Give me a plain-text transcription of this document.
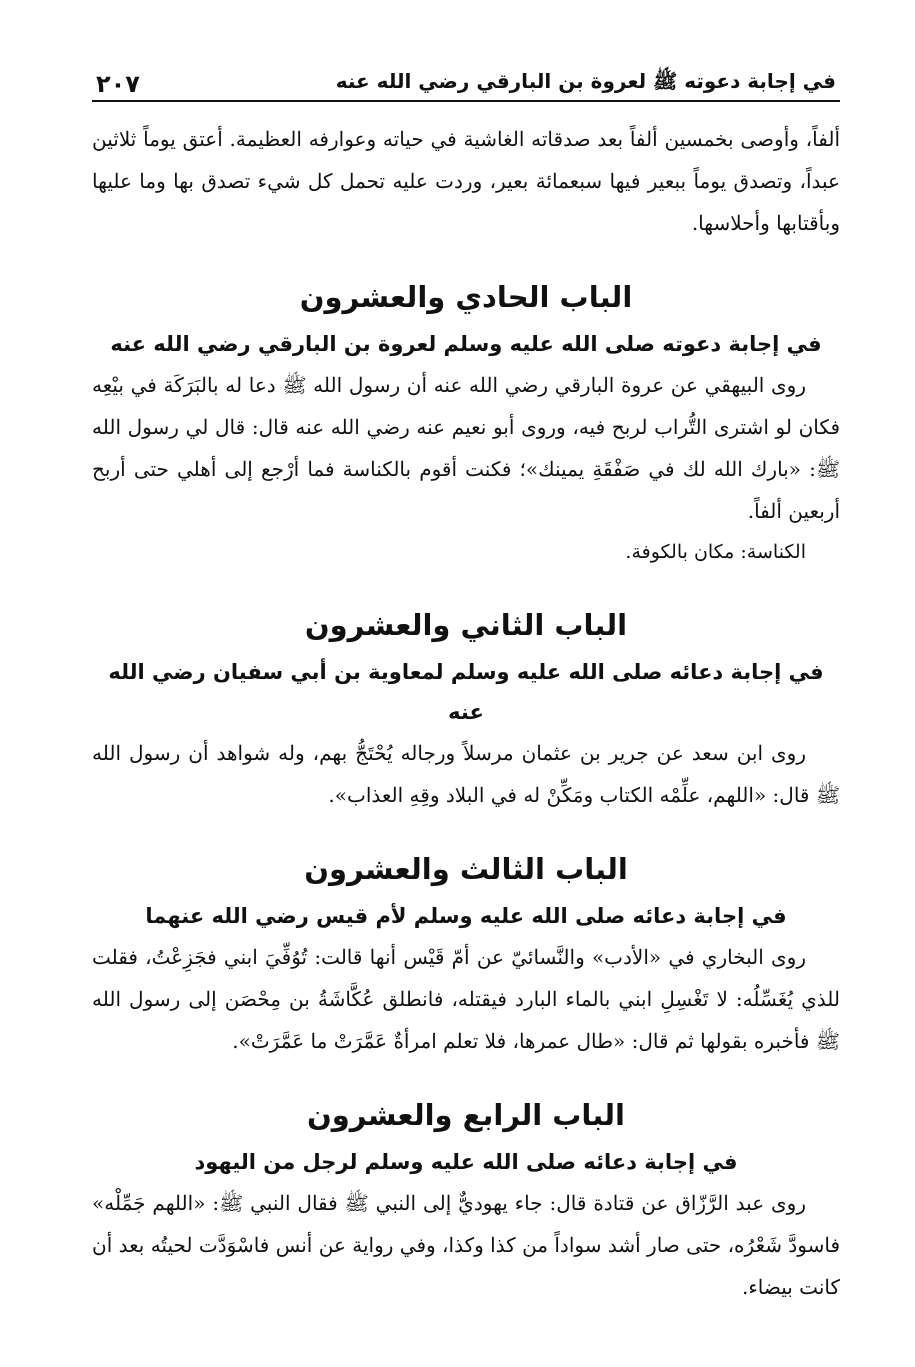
في إجابة دعوته ﷺ لعروة بن البارقي رضي الله عنه
٢٠٧

ألفاً، وأوصى بخمسين ألفاً بعد صدقاته الغاشية في حياته وعوارفه العظيمة. أعتق يوماً ثلاثين عبداً، وتصدق يوماً ببعير فيها سبعمائة بعير، وردت عليه تحمل كل شيء تصدق بها وما عليها وبأقتابها وأحلاسها.

الباب الحادي والعشرون
في إجابة دعوته صلى الله عليه وسلم لعروة بن البارقي رضي الله عنه

روى البيهقي عن عروة البارقي رضي الله عنه أن رسول الله ﷺ دعا له بالبَرَكَة في بيْعِه فكان لو اشترى التُّراب لربح فيه، وروى أبو نعيم عنه رضي الله عنه قال: قال لي رسول الله ﷺ: «بارك الله لك في صَفْقَةِ يمينك»؛ فكنت أقوم بالكناسة فما أرْجع إلى أهلي حتى أربح أربعين ألفاً.

الكناسة: مكان بالكوفة.

الباب الثاني والعشرون
في إجابة دعائه صلى الله عليه وسلم لمعاوية بن أبي سفيان رضي الله عنه

روى ابن سعد عن جرير بن عثمان مرسلاً ورجاله يُحْتَجُّ بهم، وله شواهد أن رسول الله ﷺ قال: «اللهم، علِّمْه الكتاب ومَكِّنْ له في البلاد وقِهِ العذاب».

الباب الثالث والعشرون
في إجابة دعائه صلى الله عليه وسلم لأم قيس رضي الله عنهما

روى البخاري في «الأدب» والنَّسائيّ عن أمّ قَيْس أنها قالت: تُوُفِّيَ ابني فجَزِعْتُ، فقلت للذي يُغَسِّلُه: لا تَغْسِلِ ابني بالماء البارد فيقتله، فانطلق عُكَّاشَةُ بن مِحْصَن إلى رسول الله ﷺ فأخبره بقولها ثم قال: «طال عمرها، فلا تعلم امرأةٌ عَمَّرَتْ ما عَمَّرَتْ».

الباب الرابع والعشرون
في إجابة دعائه صلى الله عليه وسلم لرجل من اليهود

روى عبد الرَّزّاق عن قتادة قال: جاء يهوديٌّ إلى النبي ﷺ فقال النبي ﷺ: «اللهم جَمِّلْه» فاسودَّ شَعْرُه، حتى صار أشد سواداً من كذا وكذا، وفي رواية عن أنس فاسْوَدَّت لحيتُه بعد أن كانت بيضاء.
